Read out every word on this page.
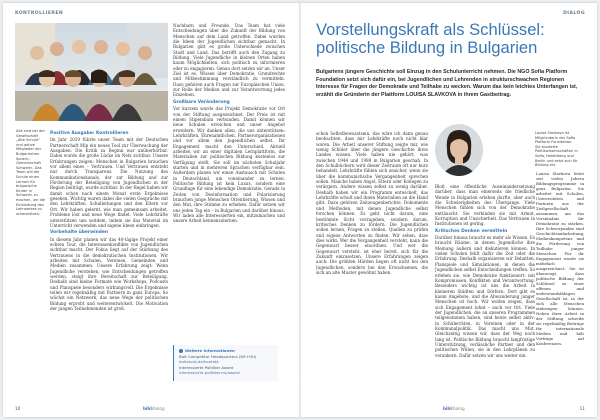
KONTROLLIEREN
Alle sind bei der Gesellschaft „Alte Schule“ und aktive Mitglieder der Bulgarischen Sprach-Gemeinschaft Schwerin. Das Team will die Schule einen Lernort für bulgarische Kinder in Schwerin zu machen, um die Einbindung des Lehrwerkes zu unterstützen.

Positive Ausgabe: Kontrollieren

Im Jahr 2019 führte unser Team mit der Deutschen Partnerschaft Mip ein neues Tool zur Überwachung der Ausgaben. Die Kritik zu Beginn war unüberhörbar. Dabei wurde die große Lücke im Netz sichtbar. Unsere Erfahrungen zeigen: Menschen in Bulgarien brauchen vor allem eines – Vertrauen. Und Vertrauen entsteht nur durch Transparenz. Die Nutzung des Kommunikationskanals, der zur Bildung und zur Förderung der Beteiligung von Jugendlichen in der Region beiträgt, wurde sichtbar. In der Regel haben wir damit schon nach einem Monat erste Ergebnisse gesehen. Wichtig waren dabei die vielen Gespräche mit den Lehrkräften, Schulleitungen und den Eltern vor Ort. Wir haben gelernt, wie man gemeinsam arbeitet, Probleme löst und neue Wege findet. Viele Lehrkräfte unterstützen uns seitdem, indem sie das Material im Unterricht verwenden und eigene Ideen einbringen.

Vorbehalte überwinden

In diesem Jahr planen wir das 40-tägige Projekt einer echten Tour, die Interessenkonflikte von Jugendlichen sichtbar macht. Der Fokus liegt auf der Stärkung des Vertrauens in die demokratischen Institutionen. Wir arbeiten mit Schulen, Vereinen, Gemeinden und Medien zusammen. Unsere Erfahrung zeigt: Wenn Jugendliche verstehen, wie Entscheidungen getroffen werden, steigt ihre Bereitschaft zur Beteiligung. Deshalb sind kleine Formate wie Workshops, Podcasts und Planspiele besonders wirkungsvoll. Die Ergebnisse teilen wir regelmäßig mit Partnern in ganz Europa. So wächst ein Netzwerk, das neue Wege der politischen Bildung erprobt und weiterentwickelt. Die Motivation der jungen Teilnehmenden ist groß.

Nachbarn und Freunde. Das Team hat viele Entscheidungen über die Zukunft der Bildung von Menschen auf dem Land getroffen. Dabei wurden die Ideen der Jugendlichen sichtbar gemacht. In Bulgarien gibt es große Unterschiede zwischen Stadt und Land. Das betrifft auch den Zugang zu Bildung. Viele Jugendliche in kleinen Orten haben kaum Möglichkeiten, sich politisch zu informieren oder zu engagieren. Genau dort setzen wir an. Unser Ziel ist es, Wissen über Demokratie, Grundrechte und Mitbestimmung verständlich zu vermitteln. Dazu gehören auch Fragen zur Europäischen Union, zur Rolle der Medien und zur Verantwortung jedes Einzelnen.

Großbare Veränderung

Vor kurzem wurde das Projekt Demokratie vor Ort von der Stiftung ausgezeichnet. Der Preis ist mit einem Stipendium verbunden. Damit können wir neue Schulen erreichen und unser Angebot erweitern. Wir danken allen, die uns unterstützen: Lehrkräften, Ehrenamtlichen, Partnerorganisationen und vor allem den Jugendlichen selbst. Ihr Engagement macht den Unterschied. Aktuell arbeiten wir an einer digitalen Lernplattform, die Materialien zur politischen Bildung kostenlos zur Verfügung stellt. Sie soll im nächsten Schuljahr starten und in mehreren Sprachen verfügbar sein. Außerdem planen wir einen Austausch mit Schulen in Deutschland, um voneinander zu lernen. Politische Bildung ist kein Luxus, sondern eine Grundlage für eine lebendige Demokratie. Gerade in Zeiten von Desinformation und Polarisierung brauchen junge Menschen Orientierung, Wissen und den Mut, ihre Stimme zu erheben. Dafür setzen wir uns jeden Tag ein – in Bulgarien und darüber hinaus. Wir laden alle Interessierten ein, mitzumachen und unsere Arbeit kennenzulernen.

Weitere Informationen
Bolt Competitor Headquarters (DE+HU)
boltstudy.de/kontakt
Interessierte Politiker Award
interessierte-politiker.eu/award
10	bihldialog
DIALOG
Vorstellungskraft als Schlüssel: politische Bildung in Bulgarien
Bulgariens jüngere Geschichte soll Einzug in den Schulunterricht nehmen. Die NGO Sofia Platform Foundation setzt sich dafür ein, bei Jugendlichen und Lehrenden in strukturschwachen Regionen Interesse für Fragen der Demokratie und Teilhabe zu wecken. Warum das kein leichtes Unterfangen ist, erzählt die Gründerin der Plattform LOUISA SLAVKOVA in ihrem Gastbeitrag.

schon Selbstbewusstsein, das wäre ich dann genau beobachten, dass mir Lehrkräfte noch nicht klar waren. Die Arbeit unserer Stiftung zeigte mir, wie wenig Schüler über die jüngere Geschichte ihres Landes wissen. Viele haben nie gehört, was zwischen 1944 und 1989 in Bulgarien geschah. In den Schulbüchern wird dieser Zeitraum oft nur kurz behandelt. Lehrkräfte fühlen sich unsicher, wenn sie über die kommunistische Vergangenheit sprechen sollen. Manche haben Angst, Eltern oder Kollegen zu verärgern. Andere wissen selbst zu wenig darüber. Deshalb haben wir ein Programm entwickelt, das Lehrkräfte schult und ihnen Materialien an die Hand gibt. Dazu gehören Zeitzeugenberichte, Dokumente und Methoden, mit denen Jugendliche selbst forschen können. Es geht nicht darum, eine bestimmte Sicht vorzugeben, sondern darum, kritisches Denken zu fördern. Die Jugendlichen sollen lernen, Fragen zu stellen, Quellen zu prüfen und eigene Antworten zu finden. Wir sehen, dass dies wirkt: Wer die Vergangenheit versteht, kann die Gegenwart besser einordnen. Und wer die Gegenwart versteht, ist eher bereit, sich für die Zukunft einzusetzen. Unsere Erfahrungen zeigen auch: Die größten Hürden liegen oft nicht bei den Jugendlichen, sondern bei den Erwachsenen, die sich an alte Muster gewöhnt haben.

Bloß eine öffentliche Auseinandersetzung darüber, dass man einerseits die friedliche Wende in Bulgarien erleben durfte, aber auch die Schwierigkeiten des Übergangs. Viele Menschen fühlen sich von der Demokratie enttäuscht. Sie verbinden sie mit Armut, Korruption und Unsicherheit. Das Vertrauen in Institutionen ist gering.

Kritisches Denken vermitteln

Darüber hinaus braucht es mehr als Wissen. Es braucht Räume, in denen Jugendliche ihre Meinung äußern und diskutieren können. In vielen Schulen fehlt dafür die Zeit oder die Erfahrung. Deshalb organisieren wir Debatten, Planspiele und Simulationen, in denen die Jugendlichen selbst Entscheidungen treffen. So erleben sie, wie Demokratie funktioniert: mit Kompromissen, Konflikten und Verantwortung. Besonders wichtig ist uns die Arbeit in kleineren Städten und Dörfern. Dort gibt es kaum Angebote, und die Abwanderung junger Menschen ist hoch. Wir wollen zeigen, dass sich Engagement lohnt – auch vor Ort. Viele der Jugendlichen, die an unseren Programmen teilgenommen haben, sind heute selbst aktiv: in Schülerräten, in Vereinen oder in der Kommunalpolitik. Das macht uns Mut. Gleichzeitig wissen wir, dass der Weg noch lang ist. Politische Bildung braucht langfristige Unterstützung, verlässliche Partner und den politischen Willen, sie in den Lehrplänen zu verankern. Dafür setzen wir uns weiter ein.

Louisa Slavkova ist Mitgründerin der Sofia Platform Foundation. Sie studierte Politikwissenschaften in Sofia, Heidelberg und Berlin und setzt sich für Bildung ein.

Louisa Slavkova leitet seit vielen Jahren Bildungsprogramme in ganz Bulgarien. Sie arbeitet mit Schulen, Universitäten und Partnern aus der Zivilgesellschaft zusammen, um das Verständnis für Demokratie zu stärken. Ihre Schwerpunkte sind Geschichtsaufarbeitung, Medienkompetenz und die Förderung von Teilhabe junger Menschen. Für ihr Engagement wurde sie mehrfach ausgezeichnet. Sie ist überzeugt, dass politische Bildung der Schlüssel zu einer offenen und widerstandsfähigen Gesellschaft ist, in der sich alle Menschen einbringen können. Neben ihrer Arbeit in der Stiftung schreibt sie regelmäßig Beiträge für internationale Medien und hält Vorträge auf Konferenzen.

11
bihldialog
